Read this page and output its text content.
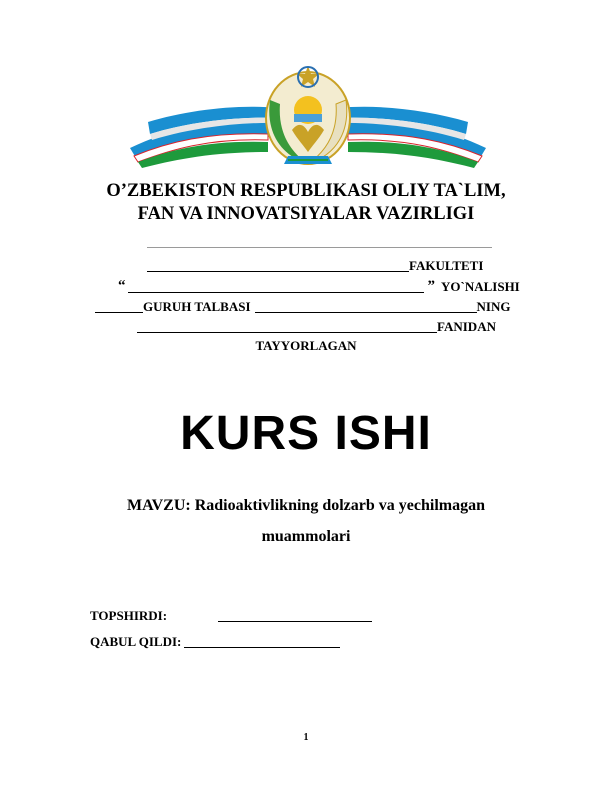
O’ZBEKISTON RESPUBLIKASI OLIY TA`LIM,
FAN VA INNOVATSIYALAR VAZIRLIGI
FAKULTETI
“	” YO`NALISHI
GURUH TALBASI	NING
FANIDAN
TAYYORLAGAN
KURS ISHI
MAVZU: Radioaktivlikning dolzarb va yechilmagan
muammolari
TOPSHIRDI:
QABUL QILDI:
1
